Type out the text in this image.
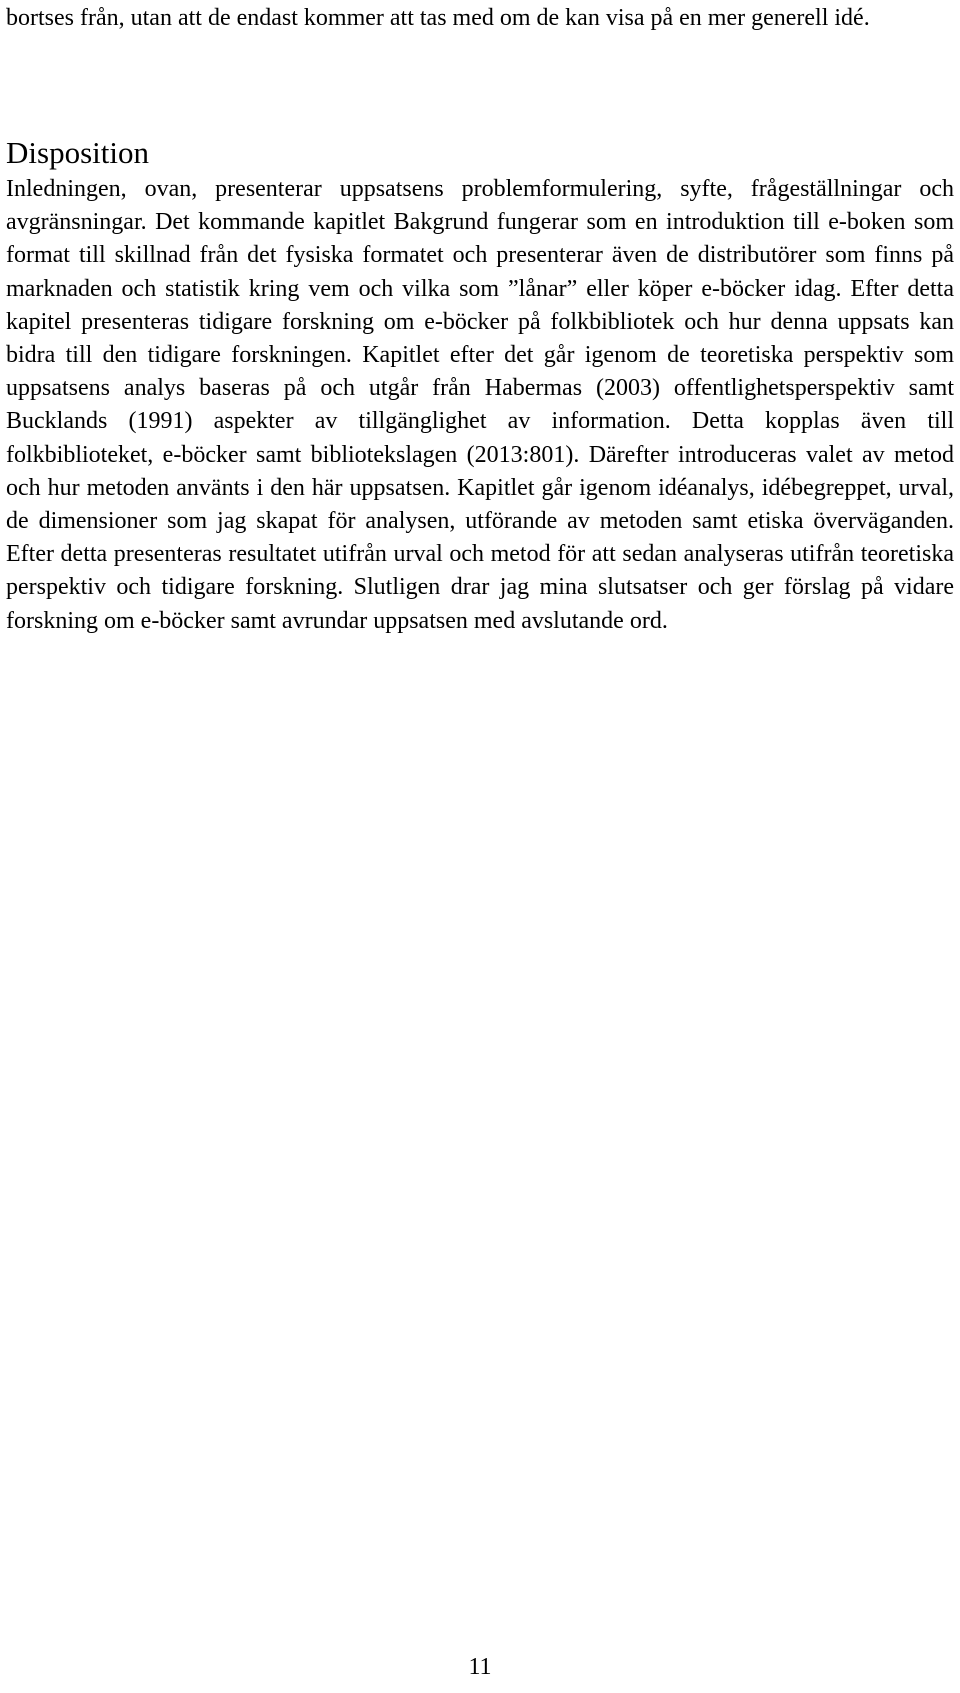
bortses från, utan att de endast kommer att tas med om de kan visa på en mer generell idé.

Disposition

Inledningen, ovan, presenterar uppsatsens problemformulering, syfte, frågeställningar och avgränsningar. Det kommande kapitlet Bakgrund fungerar som en introduktion till e-boken som format till skillnad från det fysiska formatet och presenterar även de distributörer som finns på marknaden och statistik kring vem och vilka som ”lånar” eller köper e-böcker idag. Efter detta kapitel presenteras tidigare forskning om e-böcker på folkbibliotek och hur denna uppsats kan bidra till den tidigare forskningen. Kapitlet efter det går igenom de teoretiska perspektiv som uppsatsens analys baseras på och utgår från Habermas (2003) offentlighetsperspektiv samt Bucklands (1991) aspekter av tillgänglighet av information. Detta kopplas även till folkbiblioteket, e-böcker samt bibliotekslagen (2013:801). Därefter introduceras valet av metod och hur metoden använts i den här uppsatsen. Kapitlet går igenom idéanalys, idébegreppet, urval, de dimensioner som jag skapat för analysen, utförande av metoden samt etiska överväganden. Efter detta presenteras resultatet utifrån urval och metod för att sedan analyseras utifrån teoretiska perspektiv och tidigare forskning. Slutligen drar jag mina slutsatser och ger förslag på vidare forskning om e-böcker samt avrundar uppsatsen med avslutande ord.

11
